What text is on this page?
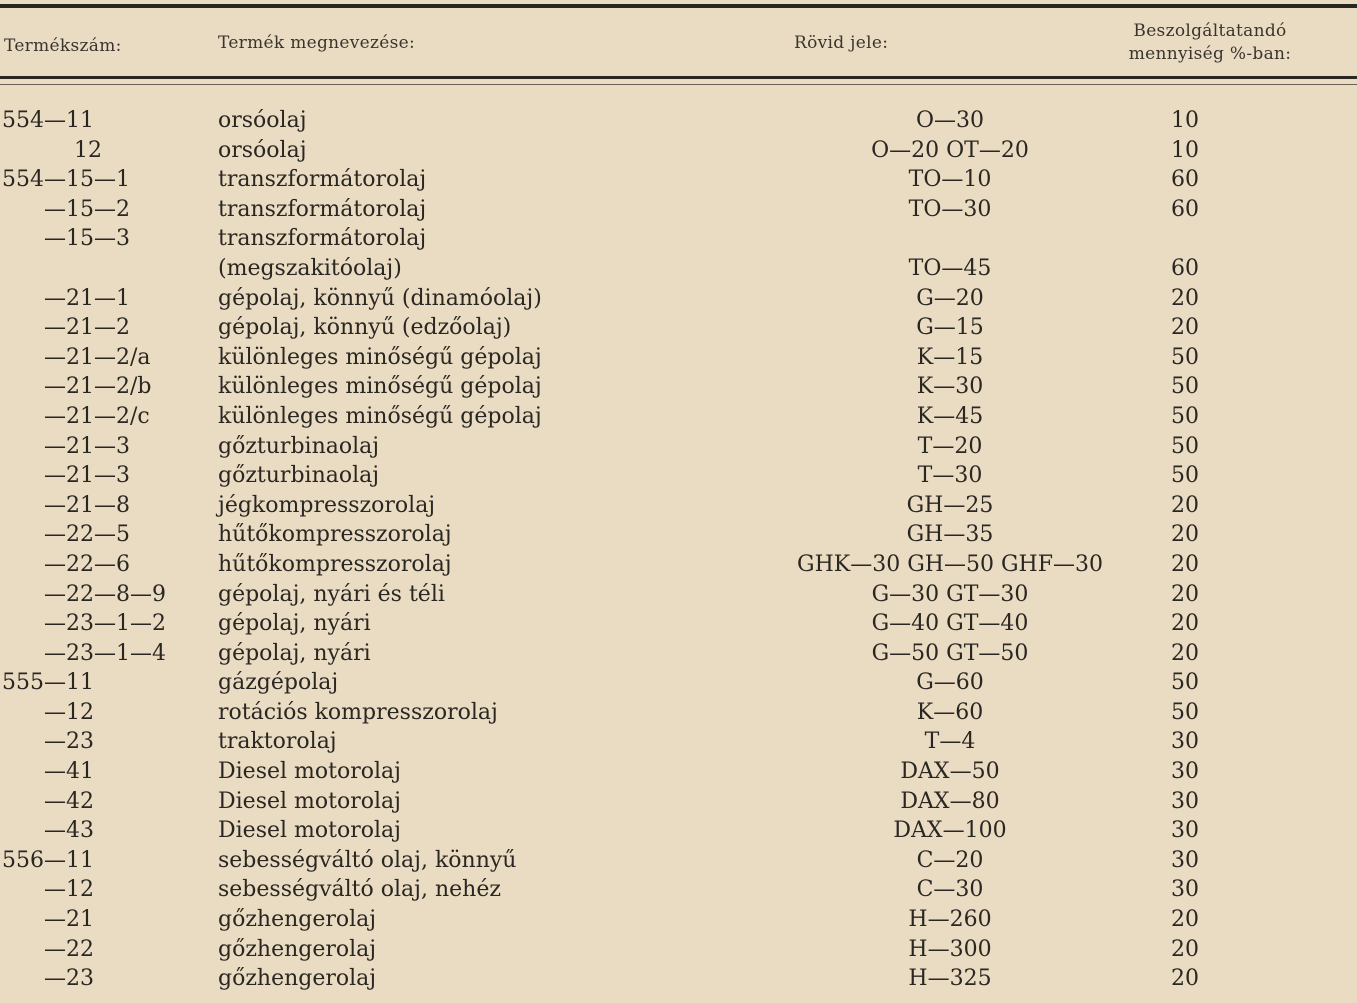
Termékszám:	Termék megnevezése:	Rövid jele:
Beszolgáltatandó
mennyiség %-ban:
554—11	orsóolaj	O—30	10
12	orsóolaj	O—20 OT—20	10
554—15—1	transzformátorolaj	TO—10	60
—15—2	transzformátorolaj	TO—30	60
—15—3	transzformátorolaj
(megszakitóolaj)	TO—45	60
—21—1	gépolaj, könnyű (dinamóolaj)	G—20	20
—21—2	gépolaj, könnyű (edzőolaj)	G—15	20
—21—2/a	különleges minőségű gépolaj	K—15	50
—21—2/b	különleges minőségű gépolaj	K—30	50
—21—2/c	különleges minőségű gépolaj	K—45	50
—21—3	gőzturbinaolaj	T—20	50
—21—3	gőzturbinaolaj	T—30	50
—21—8	jégkompresszorolaj	GH—25	20
—22—5	hűtőkompresszorolaj	GH—35	20
—22—6	hűtőkompresszorolaj	GHK—30 GH—50 GHF—30	20
—22—8—9	gépolaj, nyári és téli	G—30 GT—30	20
—23—1—2	gépolaj, nyári	G—40 GT—40	20
—23—1—4	gépolaj, nyári	G—50 GT—50	20
555—11	gázgépolaj	G—60	50
—12	rotációs kompresszorolaj	K—60	50
—23	traktorolaj	T—4	30
—41	Diesel motorolaj	DAX—50	30
—42	Diesel motorolaj	DAX—80	30
—43	Diesel motorolaj	DAX—100	30
556—11	sebességváltó olaj, könnyű	C—20	30
—12	sebességváltó olaj, nehéz	C—30	30
—21	gőzhengerolaj	H—260	20
—22	gőzhengerolaj	H—300	20
—23	gőzhengerolaj	H—325	20
